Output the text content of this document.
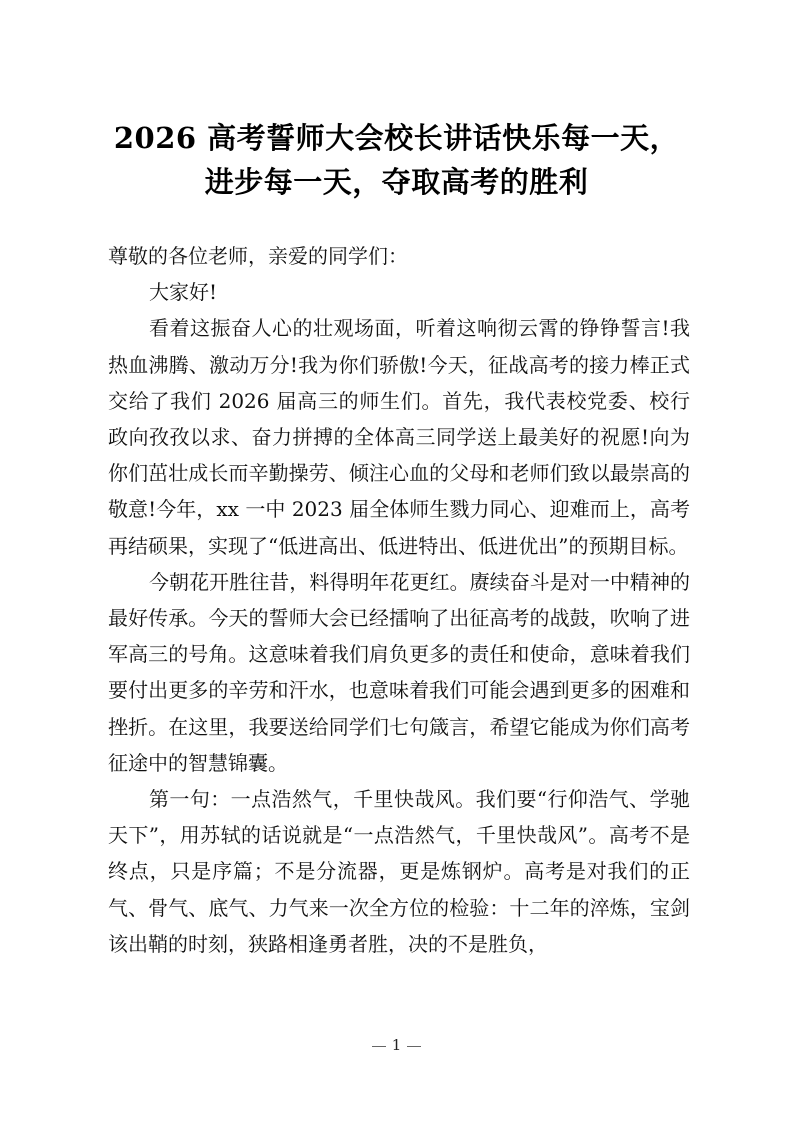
2026 高考誓师大会校长讲话快乐每一天，
进步每一天，夺取高考的胜利

尊敬的各位老师，亲爱的同学们：

大家好!

看着这振奋人心的壮观场面，听着这响彻云霄的铮铮誓言!我热血沸腾、激动万分!我为你们骄傲!今天，征战高考的接力棒正式交给了我们 2026 届高三的师生们。首先，我代表校党委、校行政向孜孜以求、奋力拼搏的全体高三同学送上最美好的祝愿!向为你们茁壮成长而辛勤操劳、倾注心血的父母和老师们致以最崇高的敬意!今年，xx 一中 2023 届全体师生戮力同心、迎难而上，高考再结硕果，实现了“低进高出、低进特出、低进优出”的预期目标。

今朝花开胜往昔，料得明年花更红。赓续奋斗是对一中精神的最好传承。今天的誓师大会已经擂响了出征高考的战鼓，吹响了进军高三的号角。这意味着我们肩负更多的责任和使命，意味着我们要付出更多的辛劳和汗水，也意味着我们可能会遇到更多的困难和挫折。在这里，我要送给同学们七句箴言，希望它能成为你们高考征途中的智慧锦囊。

第一句：一点浩然气，千里快哉风。我们要“行仰浩气、学驰天下”，用苏轼的话说就是“一点浩然气，千里快哉风”。高考不是终点，只是序篇；不是分流器，更是炼钢炉。高考是对我们的正气、骨气、底气、力气来一次全方位的检验：十二年的淬炼，宝剑该出鞘的时刻，狭路相逢勇者胜，决的不是胜负，

1
